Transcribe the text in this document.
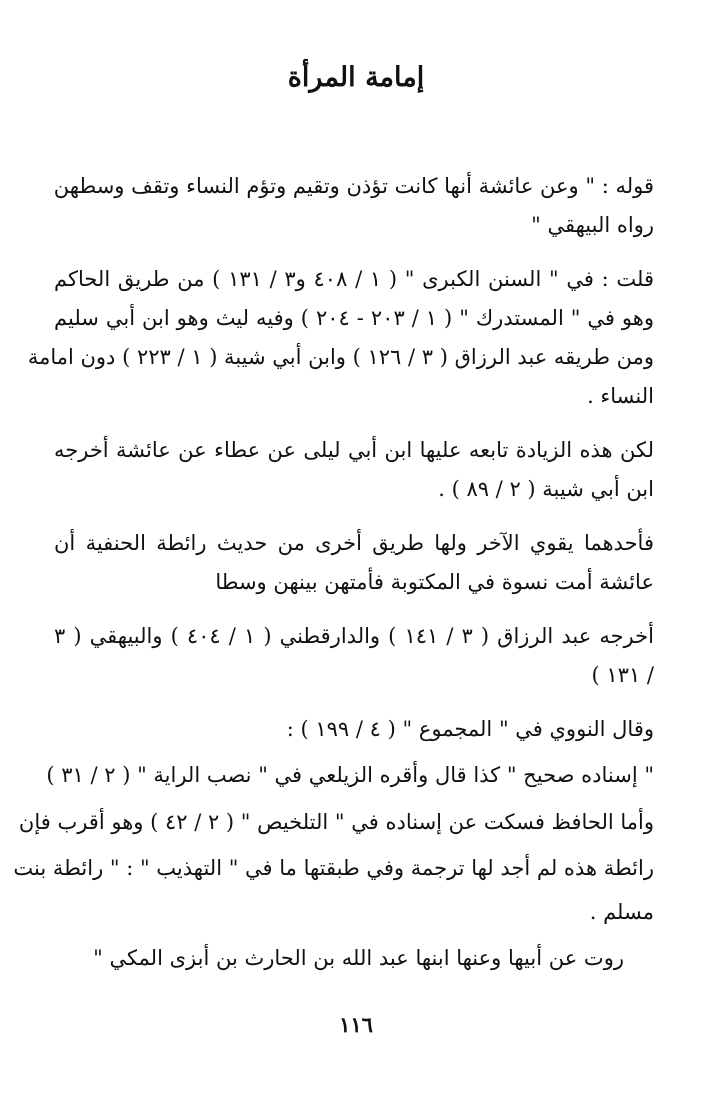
إمامة المرأة
قوله : " وعن عائشة أنها كانت تؤذن وتقيم وتؤم النساء وتقف وسطهن
رواه البيهقي "
قلت : في " السنن الكبرى " ( ١ / ٤٠٨ و٣ / ١٣١ ) من طريق الحاكم
وهو في " المستدرك " ( ١ / ٢٠٣ - ٢٠٤ ) وفيه ليث وهو ابن أبي سليم
ومن طريقه عبد الرزاق ( ٣ / ١٢٦ ) وابن أبي شيبة ( ١ / ٢٢٣ ) دون امامة
النساء .
لكن هذه الزيادة تابعه عليها ابن أبي ليلى عن عطاء عن عائشة أخرجه
ابن أبي شيبة ( ٢ / ٨٩ ) .
فأحدهما يقوي الآخر ولها طريق أخرى من حديث رائطة الحنفية أن
عائشة أمت نسوة في المكتوبة فأمتهن بينهن وسطا
أخرجه عبد الرزاق ( ٣ / ١٤١ ) والدارقطني ( ١ / ٤٠٤ ) والبيهقي ( ٣
/ ١٣١ )
وقال النووي في " المجموع " ( ٤ / ١٩٩ ) :
" إسناده صحيح " كذا قال وأقره الزيلعي في " نصب الراية " ( ٢ / ٣١ )
وأما الحافظ فسكت عن إسناده في " التلخيص " ( ٢ / ٤٢ ) وهو أقرب فإن
رائطة هذه لم أجد لها ترجمة وفي طبقتها ما في " التهذيب " : " رائطة بنت
مسلم .
روت عن أبيها وعنها ابنها عبد الله بن الحارث بن أبزى المكي "
١١٦
